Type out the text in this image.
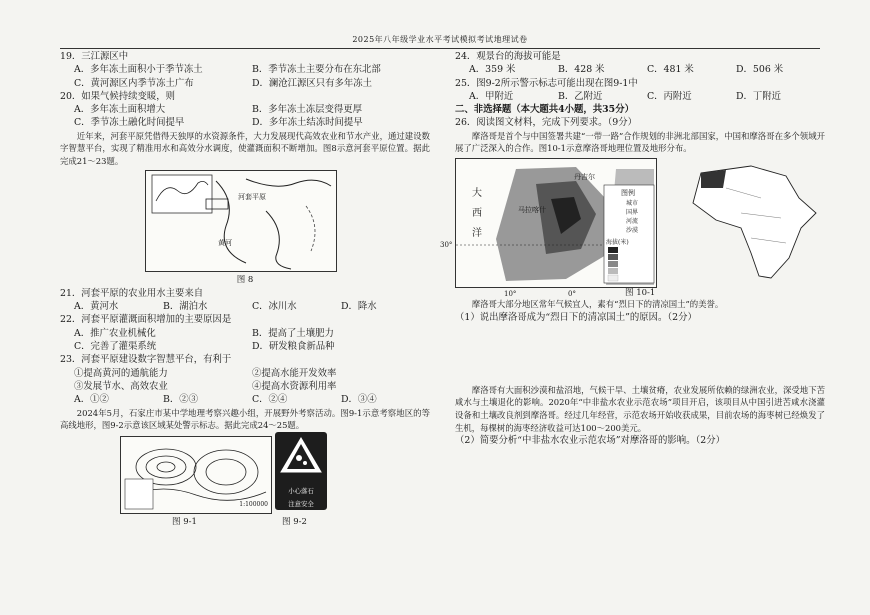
2025年八年级学业水平考试模拟考试地理试卷
19．三江源区中
A．多年冻土面积小于季节冻土	B．季节冻土主要分布在东北部
C．黄河源区内季节冻土广布	D．澜沧江源区只有多年冻土
20．如果气候持续变暖，则
A．多年冻土面积增大	B．多年冻土冻层变得更厚
C．季节冻土融化时间提早	D．多年冻土结冻时间提早
近年来，河套平原凭借得天独厚的水资源条件，大力发展现代高效农业和节水产业，通过建设数字智慧平台，实现了精准用水和高效分水调度，使灌溉面积不断增加。图8示意河套平原位置。据此完成21～23题。
河套平原
黄河
图 8
21．河套平原的农业用水主要来自
A．黄河水	B．湖泊水	C．冰川水	D．降水
22．河套平原灌溉面积增加的主要原因是
A．推广农业机械化	B．提高了土壤肥力
C．完善了灌渠系统	D．研发粮食新品种
23．河套平原建设数字智慧平台，有利于
①提高黄河的通航能力	②提高水能开发效率
③发展节水、高效农业	④提高水资源利用率
A．①②	B．②③	C．②④	D．③④
2024年5月，石家庄市某中学地理考察兴趣小组，开展野外考察活动。图9-1示意考察地区的等高线地形，图9-2示意该区域某处警示标志。据此完成24～25题。
1:100000
小心落石
注意安全
图 9-1	图 9-2
24．观景台的海拔可能是
A．359 米	B．428 米	C．481 米	D．506 米
25．图9-2所示警示标志可能出现在图9-1中
A．甲附近	B．乙附近	C．丙附近	D．丁附近
二、非选择题（本大题共4小题，共35分）
26．阅读图文材料，完成下列要求。（9分）
摩洛哥是首个与中国签署共建“一带一路”合作规划的非洲北部国家，中国和摩洛哥在多个领域开展了广泛深入的合作。图10-1示意摩洛哥地理位置及地形分布。
大
西
洋
丹吉尔
马拉喀什
30°
10°	0°
图例
城市
国界
河流
沙漠
海拔(米)
图 10-1
摩洛哥大部分地区常年气候宜人，素有“烈日下的清凉国土”的美誉。
（1）说出摩洛哥成为“烈日下的清凉国土”的原因。（2分）
摩洛哥有大面积沙漠和盐沼地，气候干旱、土壤贫瘠，农业发展所依赖的绿洲农业，深受地下苦咸水与土壤退化的影响。2020年“中非盐水农业示范农场”项目开启，该项目从中国引进苦咸水浇灌设备和土壤改良剂到摩洛哥。经过几年经营，示范农场开始收获成果，目前农场的海枣树已经焕发了生机，每棵树的海枣经济收益可达100～200美元。
（2）简要分析“中非盐水农业示范农场”对摩洛哥的影响。（2分）
